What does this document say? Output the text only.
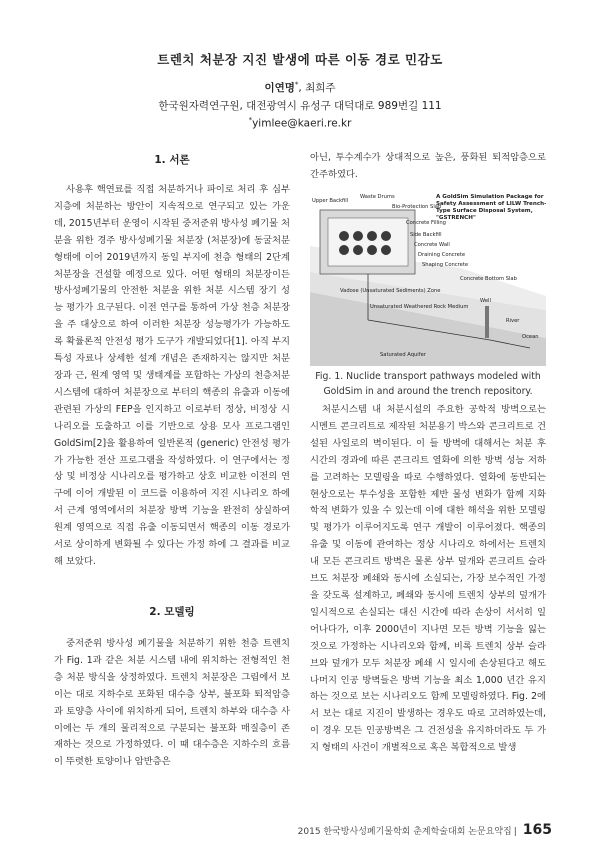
트렌치 처분장 지진 발생에 따른 이동 경로 민감도
이연명*, 최희주
한국원자력연구원, 대전광역시 유성구 대덕대로 989번길 111
*yimlee@kaeri.re.kr
1. 서론

사용후 핵연료를 직접 처분하거나 파이로 처리 후 심부 지층에 처분하는 방안이 지속적으로 연구되고 있는 가운데, 2015년부터 운영이 시작된 중저준위 방사성 폐기물 처분을 위한 경주 방사성폐기물 처분장 (처분장)에 동굴처분 형태에 이어 2019년까지 동일 부지에 천층 형태의 2단계 처분장을 건설할 예정으로 있다. 어떤 형태의 처분장이든 방사성폐기물의 안전한 처분을 위한 처분 시스템 장기 성능 평가가 요구된다. 이전 연구를 통하여 가상 천층 처분장을 주 대상으로 하여 이러한 처분장 성능평가가 가능하도록 확률론적 안전성 평가 도구가 개발되었다[1]. 아직 부지 특성 자료나 상세한 설계 개념은 존재하지는 않지만 처분장과 근, 원계 영역 및 생태계를 포함하는 가상의 천층처분 시스템에 대하여 처분장으로 부터의 핵종의 유출과 이동에 관련된 가상의 FEP을 인지하고 이로부터 정상, 비정상 시나리오를 도출하고 이를 기반으로 상용 모사 프로그램인 GoldSim[2]을 활용하여 일반론적 (generic) 안전성 평가가 가능한 전산 프로그램을 작성하였다. 이 연구에서는 정상 및 비정상 시나리오를 평가하고 상호 비교한 이전의 연구에 이어 개발된 이 코드를 이용하여 지진 시나리오 하에서 근계 영역에서의 처분장 방벽 기능을 완전히 상실하여 원계 영역으로 직접 유출 이동되면서 핵종의 이동 경로가 서로 상이하게 변화될 수 있다는 가정 하에 그 결과를 비교해 보았다.

2. 모델링

중저준위 방사성 폐기물을 처분하기 위한 천층 트렌치가 Fig. 1과 같은 처분 시스템 내에 위치하는 전형적인 천층 처분 방식을 상정하였다. 트렌치 처분장은 그림에서 보이는 대로 지하수로 포화된 대수층 상부, 불포화 퇴적암층과 토양층 사이에 위치하게 되어, 트렌치 하부와 대수층 사이에는 두 개의 물리적으로 구분되는 불포화 매질층이 존재하는 것으로 가정하였다. 이 때 대수층은 지하수의 흐름이 뚜렷한 토양이나 암반층은

아닌, 투수계수가 상대적으로 높은, 풍화된 퇴적암층으로 간주하였다.

Upper Backfill
Waste Drums
Bio-Protection Slab
Concrete Filling
Side Backfill
Concrete Wall
Draining Concrete
Shaping Concrete
Concrete Bottom Slab
Vadose (Unsaturated Sediments) Zone
Unsaturated Weathered Rock Medium
Saturated Aquifer
Well
River
Ocean
A GoldSim Simulation Package for
Safety Assessment of LILW Trench-
Type Surface Disposal System,
"GSTRENCH"
Fig. 1. Nuclide transport pathways modeled with GoldSim in and around the trench repository.

처분시스템 내 처분시설의 주요한 공학적 방벽으로는 시멘트 콘크리트로 제작된 처분용기 박스와 콘크리트로 건설된 사일로의 벽이된다. 이 들 방벽에 대해서는 처분 후 시간의 경과에 따른 콘크리트 열화에 의한 방벽 성능 저하를 고려하는 모델링을 따로 수행하였다. 열화에 동반되는 현상으로는 투수성을 포함한 제반 물성 변화가 함께 지화학적 변화가 있을 수 있는데 이에 대한 해석을 위한 모델링 및 평가가 이루어지도록 연구 개발이 이루어졌다. 핵종의 유출 및 이동에 관여하는 정상 시나리오 하에서는 트렌치 내 모든 콘크리트 방벽은 물론 상부 덮개와 콘크리트 슬라브도 처분장 폐쇄와 동시에 소실되는, 가장 보수적인 가정을 갖도록 설계하고, 폐쇄와 동시에 트렌치 상부의 덮개가 일시적으로 손실되는 대신 시간에 따라 손상이 서서히 일어나다가, 이후 2000년이 지나면 모든 방벽 기능을 잃는 것으로 가정하는 시나리오와 함께, 비록 트렌치 상부 슬라브와 덮개가 모두 처분장 폐쇄 시 일시에 손상된다고 해도 나머지 인공 방벽들은 방벽 기능을 최소 1,000 년간 유지하는 것으로 보는 시나리오도 함께 모델링하였다. Fig. 2에서 보는 대로 지진이 발생하는 경우도 따로 고려하였는데, 이 경우 모든 인공방벽은 그 건전성을 유지하더라도 두 가지 형태의 사건이 개별적으로 혹은 복합적으로 발생

2015 한국방사성폐기물학회 춘계학술대회 논문요약집 | 165
